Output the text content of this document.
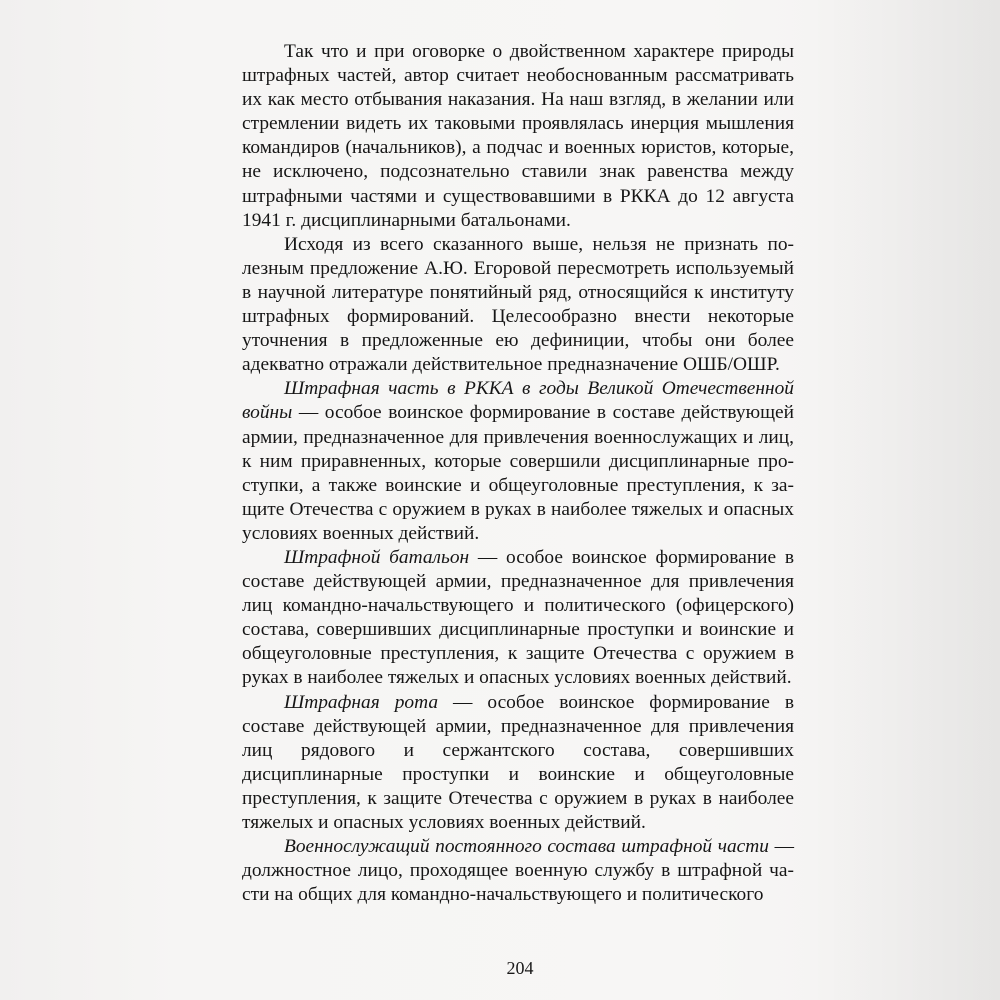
Так что и при оговорке о двойственном характере природы штрафных частей, автор считает необоснованным рассматривать их как место отбывания наказания. На наш взгляд, в желании или стремлении видеть их таковыми проявлялась инерция мышления командиров (начальников), а подчас и военных юристов, которые, не исключено, подсознательно ставили знак равенства между штрафными частями и существовавшими в РККА до 12 августа 1941 г. дисциплинарными батальонами.

Исходя из всего сказанного выше, нельзя не признать полезным предложение А.Ю. Егоровой пересмотреть используемый в научной литературе понятийный ряд, относящийся к институту штрафных формирований. Целесообразно внести некоторые уточнения в предложенные ею дефиниции, чтобы они более адекватно отражали действительное предназначение ОШБ/ОШР.

Штрафная часть в РККА в годы Великой Отечественной войны — особое воинское формирование в составе действующей армии, предназначенное для привлечения военнослужащих и лиц, к ним приравненных, которые совершили дисциплинарные проступки, а также воинские и общеуголовные преступления, к защите Отечества с оружием в руках в наиболее тяжелых и опасных условиях военных действий.

Штрафной батальон — особое воинское формирование в составе действующей армии, предназначенное для привлечения лиц командно-начальствующего и политического (офицерского) состава, совершивших дисциплинарные проступки и воинские и общеуголовные преступления, к защите Отечества с оружием в руках в наиболее тяжелых и опасных условиях военных действий.

Штрафная рота — особое воинское формирование в составе действующей армии, предназначенное для привлечения лиц рядового и сержантского состава, совершивших дисциплинарные проступки и воинские и общеуголовные преступления, к защите Отечества с оружием в руках в наиболее тяжелых и опасных условиях военных действий.

Военнослужащий постоянного состава штрафной части — должностное лицо, проходящее военную службу в штрафной части на общих для командно-начальствующего и политического

204
